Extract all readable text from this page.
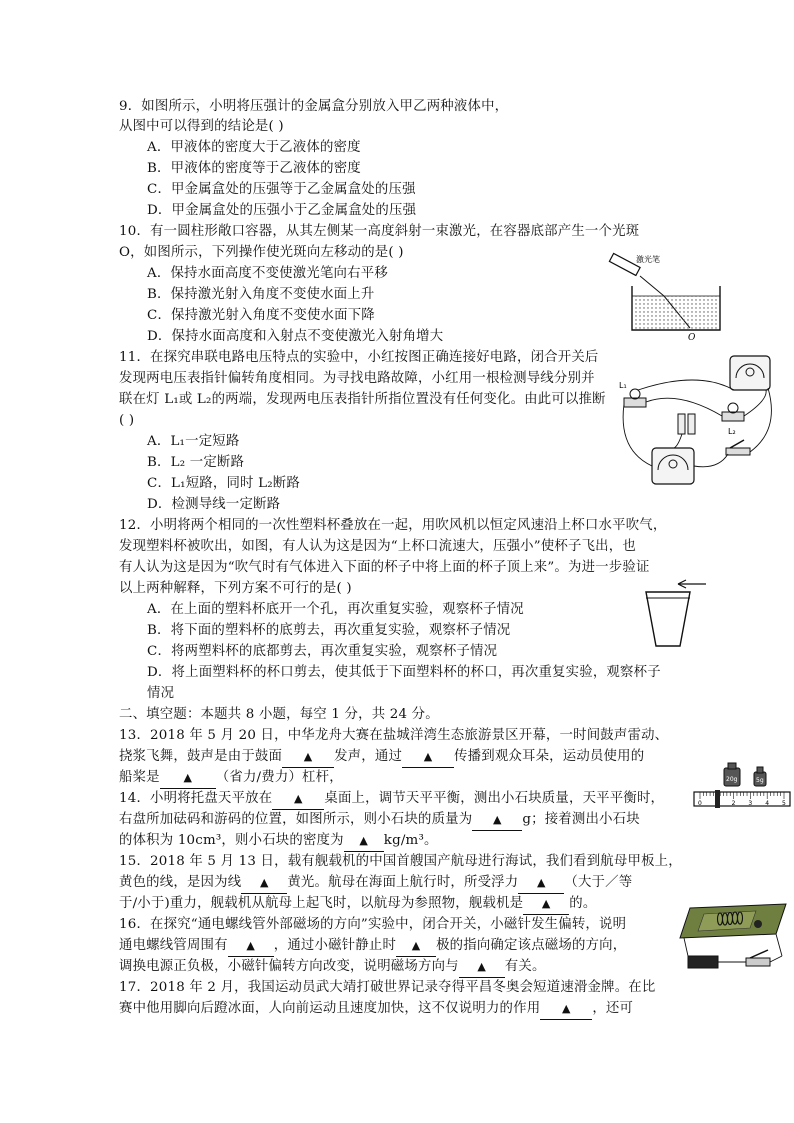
9．如图所示，小明将压强计的金属盒分别放入甲乙两种液体中，
从图中可以得到的结论是( )
A．甲液体的密度大于乙液体的密度
B．甲液体的密度等于乙液体的密度
C．甲金属盒处的压强等于乙金属盒处的压强
D．甲金属盒处的压强小于乙金属盒处的压强
10．有一圆柱形敞口容器，从其左侧某一高度斜射一束激光，在容器底部产生一个光斑
O，如图所示，下列操作使光斑向左移动的是( )
A．保持水面高度不变使激光笔向右平移
B．保持激光射入角度不变使水面上升
C．保持激光射入角度不变使水面下降
D．保持水面高度和入射点不变使激光入射角增大
激光笔
O
11．在探究串联电路电压特点的实验中，小红按图正确连接好电路，闭合开关后
发现两电压表指针偏转角度相同。为寻找电路故障，小红用一根检测导线分别并
联在灯 L₁或 L₂的两端，发现两电压表指针所指位置没有任何变化。由此可以推断
( )
A．L₁一定短路
B．L₂ 一定断路
C．L₁短路，同时 L₂断路
D．检测导线一定断路
L₁
L₂
12．小明将两个相同的一次性塑料杯叠放在一起，用吹风机以恒定风速沿上杯口水平吹气，
发现塑料杯被吹出，如图，有人认为这是因为“上杯口流速大，压强小”使杯子飞出，也
有人认为这是因为“吹气时有气体进入下面的杯子中将上面的杯子顶上来”。为进一步验证
以上两种解释，下列方案不可行的是( )
A．在上面的塑料杯底开一个孔，再次重复实验，观察杯子情况
B．将下面的塑料杯的底剪去，再次重复实验，观察杯子情况
C．将两塑料杯的底都剪去，再次重复实验，观察杯子情况
D．将上面塑料杯的杯口剪去，使其低于下面塑料杯的杯口，再次重复实验，观察杯子
情况
二、填空题：本题共 8 小题，每空 1 分，共 24 分。
13．2018 年 5 月 20 日，中华龙舟大赛在盐城洋湾生态旅游景区开幕，一时间鼓声雷动、
挠浆飞舞，鼓声是由于鼓面 ▲ 发声，通过 ▲ 传播到观众耳朵，运动员使用的
船桨是 ▲ （省力/费力）杠杆，
14．小明将托盘天平放在 ▲ 桌面上，调节天平平衡，测出小石块质量，天平平衡时，
右盘所加砝码和游码的位置，如图所示，则小石块的质量为 ▲ g；接着测出小石块
的体积为 10cm³，则小石块的密度为 ▲ kg/m³。
20g	5g
0	2 3 4 5
15．2018 年 5 月 13 日，载有舰载机的中国首艘国产航母进行海试，我们看到航母甲板上，
黄色的线，是因为线 ▲ 黄光。航母在海面上航行时，所受浮力 ▲ （大于／等
于/小于)重力，舰载机从航母上起飞时，以航母为参照物，舰载机是 ▲ 的。
16．在探究“通电螺线管外部磁场的方向”实验中，闭合开关，小磁针发生偏转，说明
通电螺线管周围有 ▲ ，通过小磁针静止时 ▲ 极的指向确定该点磁场的方向，
调换电源正负极，小磁针偏转方向改变，说明磁场方向与 ▲ 有关。
17．2018 年 2 月，我国运动员武大靖打破世界记录夺得平昌冬奥会短道速滑金牌。在比
赛中他用脚向后蹬冰面，人向前运动且速度加快，这不仅说明力的作用 ▲ ，还可
